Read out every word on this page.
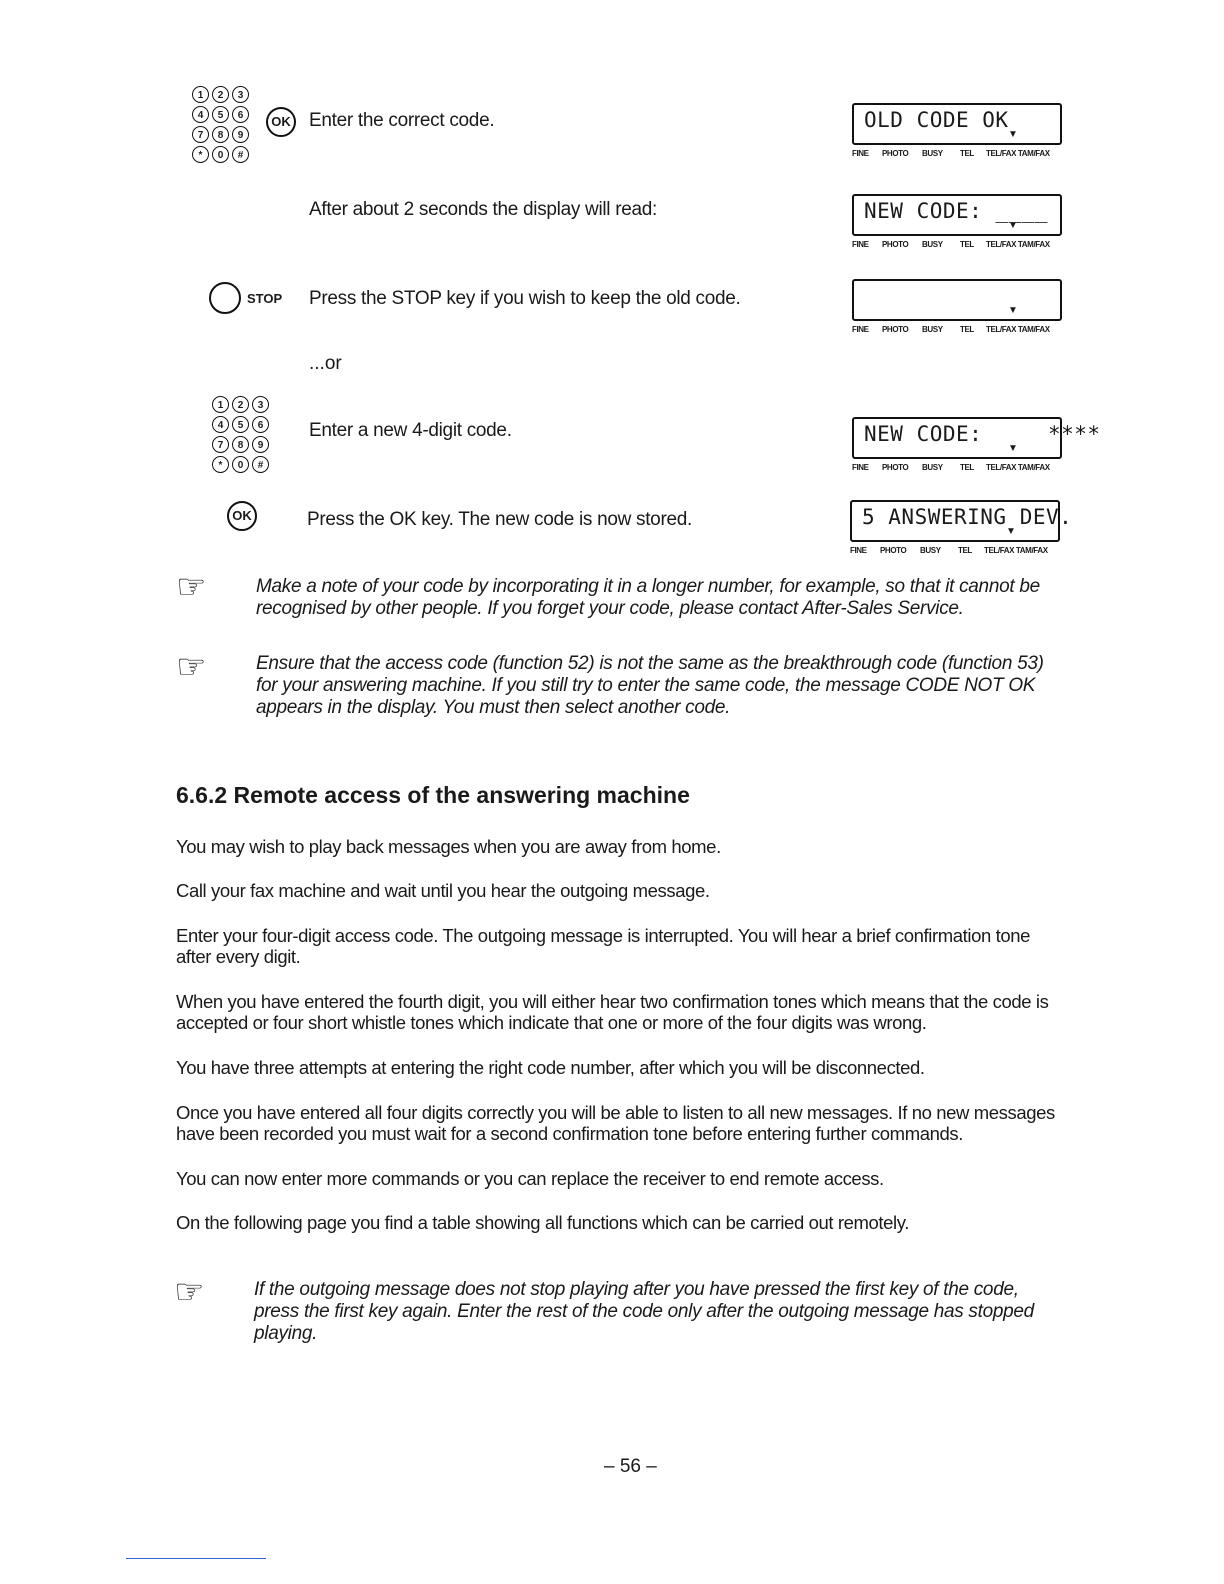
1	2	3
4	5	6
7	8	9
*	0	#
OK Enter the correct code.	OLD CODE OK
▼
FINE	PHOTO	BUSY	TEL	TEL/FAX TAM/FAX
After about 2 seconds the display will read:	NEW CODE: ____
▼
FINE	PHOTO	BUSY	TEL	TEL/FAX TAM/FAX
STOP Press the STOP key if you wish to keep the old code.
▼
FINE	PHOTO	BUSY	TEL	TEL/FAX TAM/FAX
...or
1	2	3
4	5	6
7	8	9
*	0	#
Enter a new 4-digit code.	NEW CODE:     ****
▼
FINE	PHOTO	BUSY	TEL	TEL/FAX TAM/FAX
OK	Press the OK key. The new code is now stored.	5 ANSWERING DEV.
▼
FINE	PHOTO	BUSY	TEL	TEL/FAX TAM/FAX
☞	Make a note of your code by incorporating it in a longer number, for example, so that it cannot be recognised by other people. If you forget your code, please contact After-Sales Service.
☞	Ensure that the access code (function 52) is not the same as the breakthrough code (function 53) for your answering machine. If you still try to enter the same code, the message CODE NOT OK appears in the display. You must then select another code.
6.6.2 Remote access of the answering machine
You may wish to play back messages when you are away from home.
Call your fax machine and wait until you hear the outgoing message.
Enter your four-digit access code. The outgoing message is interrupted. You will hear a brief confirmation tone after every digit.
When you have entered the fourth digit, you will either hear two confirmation tones which means that the code is accepted or four short whistle tones which indicate that one or more of the four digits was wrong.
You have three attempts at entering the right code number, after which you will be disconnected.
Once you have entered all four digits correctly you will be able to listen to all new messages. If no new messages have been recorded you must wait for a second confirmation tone before entering further commands.
You can now enter more commands or you can replace the receiver to end remote access.
On the following page you find a table showing all functions which can be carried out remotely.
☞	If the outgoing message does not stop playing after you have pressed the first key of the code, press the first key again. Enter the rest of the code only after the outgoing message has stopped playing.
– 56 –
